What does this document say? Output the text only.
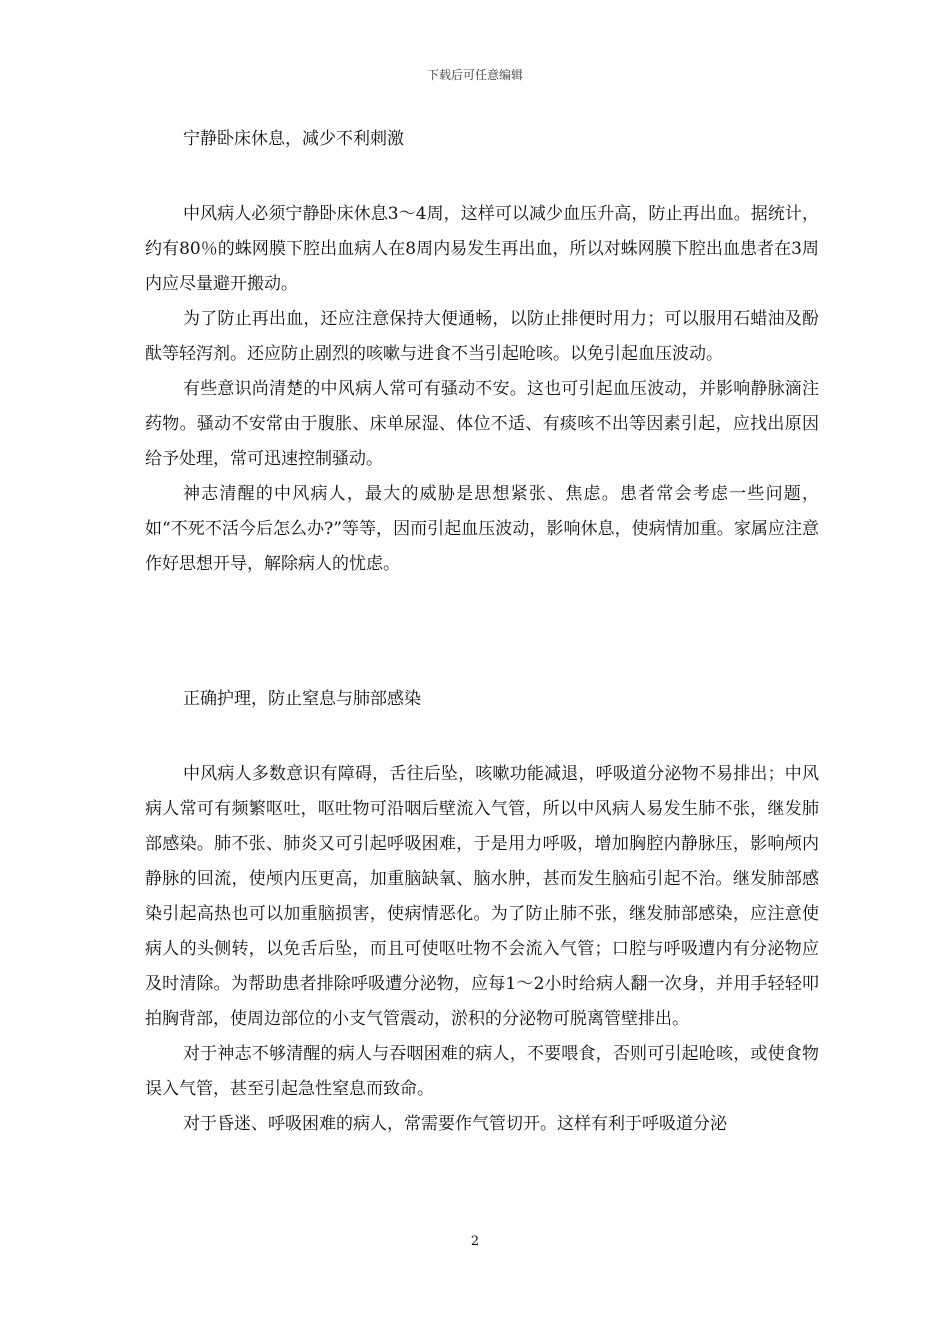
下载后可任意编辑
宁静卧床休息，减少不利刺激

中风病人必须宁静卧床休息3～4周，这样可以减少血压升高，防止再出血。据统计，约有80％的蛛网膜下腔出血病人在8周内易发生再出血，所以对蛛网膜下腔出血患者在3周内应尽量避开搬动。

为了防止再出血，还应注意保持大便通畅，以防止排便时用力；可以服用石蜡油及酚酞等轻泻剂。还应防止剧烈的咳嗽与进食不当引起呛咳。以免引起血压波动。

有些意识尚清楚的中风病人常可有骚动不安。这也可引起血压波动，并影响静脉滴注药物。骚动不安常由于腹胀、床单尿湿、体位不适、有痰咳不出等因素引起，应找出原因给予处理，常可迅速控制骚动。

神志清醒的中风病人，最大的威胁是思想紧张、焦虑。患者常会考虑一些问题，如“不死不活今后怎么办?”等等，因而引起血压波动，影响休息，使病情加重。家属应注意作好思想开导，解除病人的忧虑。

正确护理，防止窒息与肺部感染

中风病人多数意识有障碍，舌往后坠，咳嗽功能减退，呼吸道分泌物不易排出；中风病人常可有频繁呕吐，呕吐物可沿咽后壁流入气管，所以中风病人易发生肺不张，继发肺部感染。肺不张、肺炎又可引起呼吸困难，于是用力呼吸，增加胸腔内静脉压，影响颅内静脉的回流，使颅内压更高，加重脑缺氧、脑水肿，甚而发生脑疝引起不治。继发肺部感染引起高热也可以加重脑损害，使病情恶化。为了防止肺不张，继发肺部感染，应注意使病人的头侧转，以免舌后坠，而且可使呕吐物不会流入气管；口腔与呼吸遭内有分泌物应及时清除。为帮助患者排除呼吸遭分泌物，应每1～2小时给病人翻一次身，并用手轻轻叩拍胸背部，使周边部位的小支气管震动，淤积的分泌物可脱离管壁排出。

对于神志不够清醒的病人与吞咽困难的病人，不要喂食，否则可引起呛咳，或使食物误入气管，甚至引起急性窒息而致命。

对于昏迷、呼吸困难的病人，常需要作气管切开。这样有利于呼吸道分泌

2
